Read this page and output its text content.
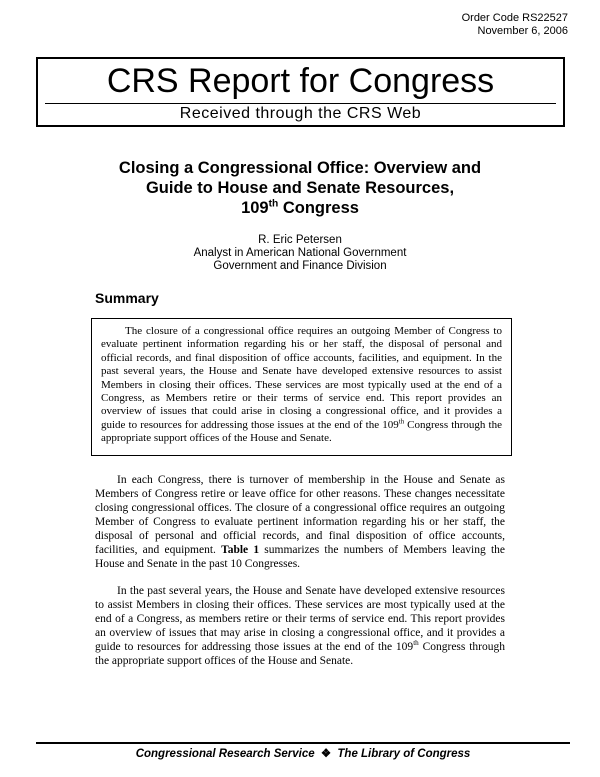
Order Code RS22527
November 6, 2006
CRS Report for Congress
Received through the CRS Web
Closing a Congressional Office: Overview and
Guide to House and Senate Resources,
109th Congress
R. Eric Petersen
Analyst in American National Government
Government and Finance Division
Summary

The closure of a congressional office requires an outgoing Member of Congress to evaluate pertinent information regarding his or her staff, the disposal of personal and official records, and final disposition of office accounts, facilities, and equipment. In the past several years, the House and Senate have developed extensive resources to assist Members in closing their offices. These services are most typically used at the end of a Congress, as Members retire or their terms of service end. This report provides an overview of issues that could arise in closing a congressional office, and it provides a guide to resources for addressing those issues at the end of the 109th Congress through the appropriate support offices of the House and Senate.

In each Congress, there is turnover of membership in the House and Senate as Members of Congress retire or leave office for other reasons. These changes necessitate closing congressional offices. The closure of a congressional office requires an outgoing Member of Congress to evaluate pertinent information regarding his or her staff, the disposal of personal and official records, and final disposition of office accounts, facilities, and equipment. Table 1 summarizes the numbers of Members leaving the House and Senate in the past 10 Congresses.

In the past several years, the House and Senate have developed extensive resources to assist Members in closing their offices. These services are most typically used at the end of a Congress, as members retire or their terms of service end. This report provides an overview of issues that may arise in closing a congressional office, and it provides a guide to resources for addressing those issues at the end of the 109th Congress through the appropriate support offices of the House and Senate.

Congressional Research Service ❖ The Library of Congress
